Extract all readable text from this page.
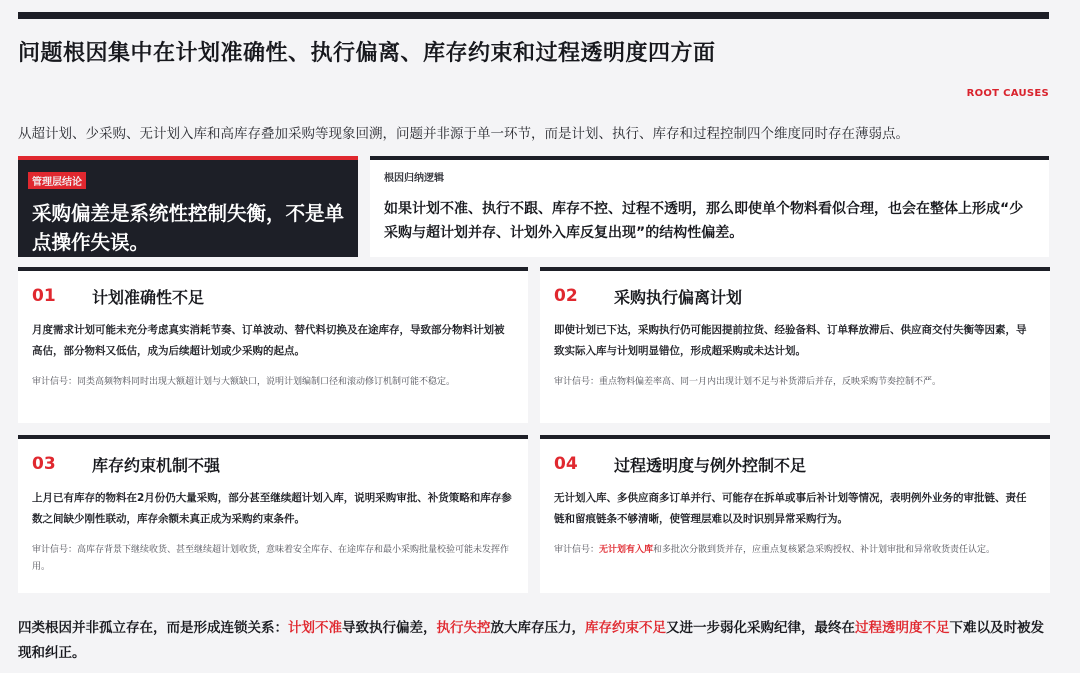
问题根因集中在计划准确性、执行偏离、库存约束和过程透明度四方面
ROOT CAUSES
从超计划、少采购、无计划入库和高库存叠加采购等现象回溯，问题并非源于单一环节，而是计划、执行、库存和过程控制四个维度同时存在薄弱点。
管理层结论
采购偏差是系统性控制失衡，不是单点操作失误。
根因归纳逻辑
如果计划不准、执行不跟、库存不控、过程不透明，那么即使单个物料看似合理，也会在整体上形成“少采购与超计划并存、计划外入库反复出现”的结构性偏差。
01	计划准确性不足
月度需求计划可能未充分考虑真实消耗节奏、订单波动、替代料切换及在途库存，导致部分物料计划被高估，部分物料又低估，成为后续超计划或少采购的起点。
审计信号：同类高频物料同时出现大额超计划与大额缺口，说明计划编制口径和滚动修订机制可能不稳定。
02	采购执行偏离计划
即使计划已下达，采购执行仍可能因提前拉货、经验备料、订单释放滞后、供应商交付失衡等因素，导致实际入库与计划明显错位，形成超采购或未达计划。
审计信号：重点物料偏差率高、同一月内出现计划不足与补货滞后并存，反映采购节奏控制不严。
03	库存约束机制不强
上月已有库存的物料在2月份仍大量采购，部分甚至继续超计划入库，说明采购审批、补货策略和库存参数之间缺少刚性联动，库存余额未真正成为采购约束条件。
审计信号：高库存背景下继续收货、甚至继续超计划收货，意味着安全库存、在途库存和最小采购批量校验可能未发挥作用。
04	过程透明度与例外控制不足
无计划入库、多供应商多订单并行、可能存在拆单或事后补计划等情况，表明例外业务的审批链、责任链和留痕链条不够清晰，使管理层难以及时识别异常采购行为。
审计信号：无计划有入库和多批次分散到货并存，应重点复核紧急采购授权、补计划审批和异常收货责任认定。
四类根因并非孤立存在，而是形成连锁关系：计划不准导致执行偏差，执行失控放大库存压力，库存约束不足又进一步弱化采购纪律，最终在过程透明度不足下难以及时被发现和纠正。
